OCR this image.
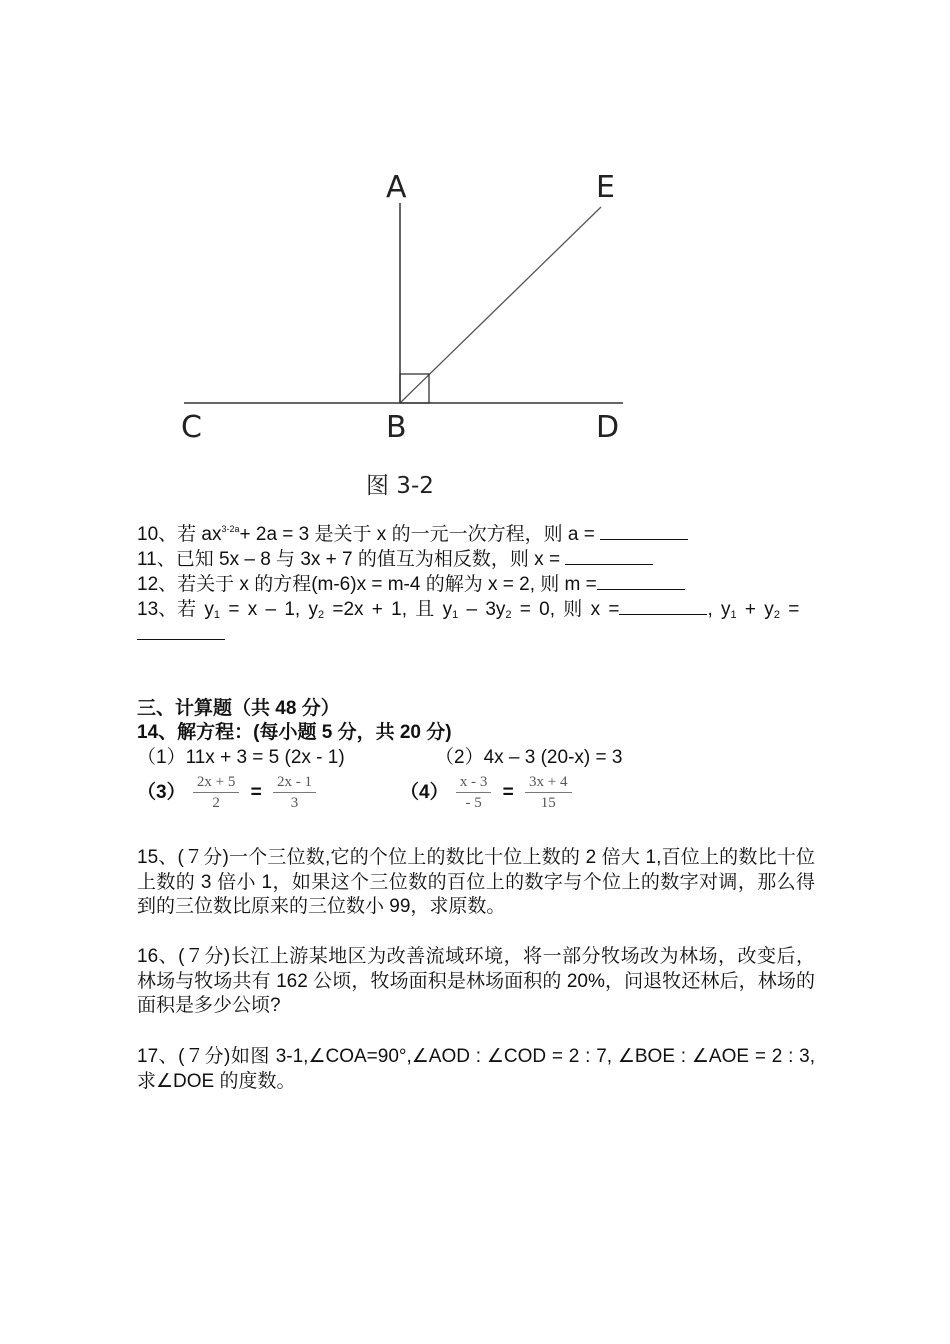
A	E
C	B	D
图 3-2
10、若 $ax^{3-2a}+ 2a = 3$ 是关于 x 的一元一次方程，则 a =
11、已知 5x – 8 与 3x + 7 的值互为相反数，则 x =
12、若关于 x 的方程(m-6)x = m-4 的解为 x = 2, 则 m =
13、若 $y_1 = x - 1$, $y_2 =2x + 1$, 且 $y_1 - 3y_2 = 0$, 则 x =	, $y_1 + y_2$ =
三、计算题（共 48 分）
14、解方程：(每小题 5 分，共 20 分)
（1）11x + 3 = 5 (2x - 1)	（2）4x – 3 (20-x) = 3
$(3) \frac{2x + 5}{2} = \frac{2x - 1}{3}$	$(4) \frac{x - 3}{- 5} = \frac{3x + 4}{15}$
15、(７分)一个三位数,它的个位上的数比十位上数的 2 倍大 1,百位上的数比十位上数的 3 倍小 1，如果这个三位数的百位上的数字与个位上的数字对调，那么得到的三位数比原来的三位数小 99，求原数。
16、(７分)长江上游某地区为改善流域环境，将一部分牧场改为林场，改变后，林场与牧场共有 162 公顷，牧场面积是林场面积的 20%，问退牧还林后，林场的面积是多少公顷?
17、(７分)如图 3-1,∠COA=90°,∠AOD : ∠COD = 2 : 7, ∠BOE : ∠AOE = 2 : 3,求∠DOE 的度数。
